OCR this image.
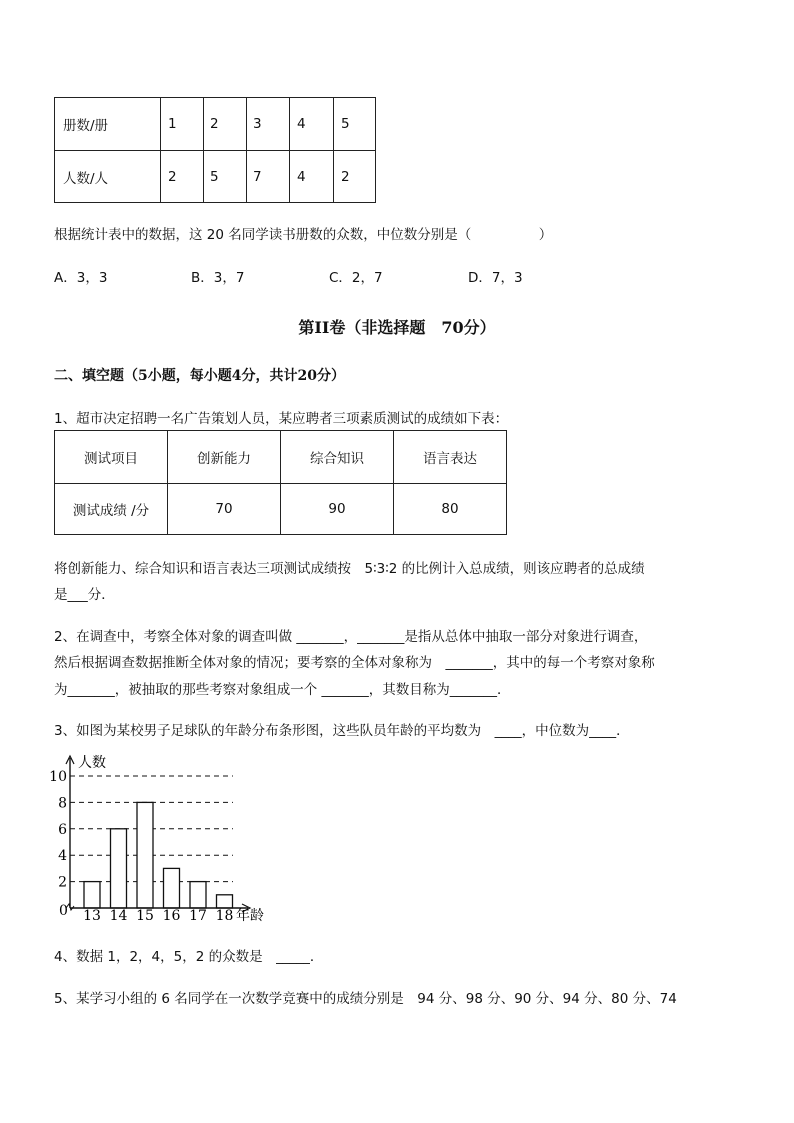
册数/册	1	2	3	4	5
人数/人	2	5	7	4	2
根据统计表中的数据，这 20 名同学读书册数的众数，中位数分别是（　　　　　）
A．3，3	B．3，7	C．2，7	D．7，3
第II卷（非选择题　70分）
二、填空题（5小题，每小题4分，共计20分）
1、超市决定招聘一名广告策划人员，某应聘者三项素质测试的成绩如下表：
测试项目	创新能力	综合知识	语言表达
测试成绩 /分	70	90	80
将创新能力、综合知识和语言表达三项测试成绩按　5∶3∶2 的比例计入总成绩，则该应聘者的总成绩
是___分．
2、在调查中，考察全体对象的调查叫做 _______，_______是指从总体中抽取一部分对象进行调查，
然后根据调查数据推断全体对象的情况；要考察的全体对象称为　_______，其中的每一个考察对象称
为_______，被抽取的那些考察对象组成一个 _______，其数目称为_______．
3、如图为某校男子足球队的年龄分布条形图，这些队员年龄的平均数为　____，中位数为____．
人数
年龄
0
2
4
6
8
10
13 14 15 16 17 18
4、数据 1，2，4，5，2 的众数是　_____．
5、某学习小组的 6 名同学在一次数学竞赛中的成绩分别是　94 分、98 分、90 分、94 分、80 分、74
